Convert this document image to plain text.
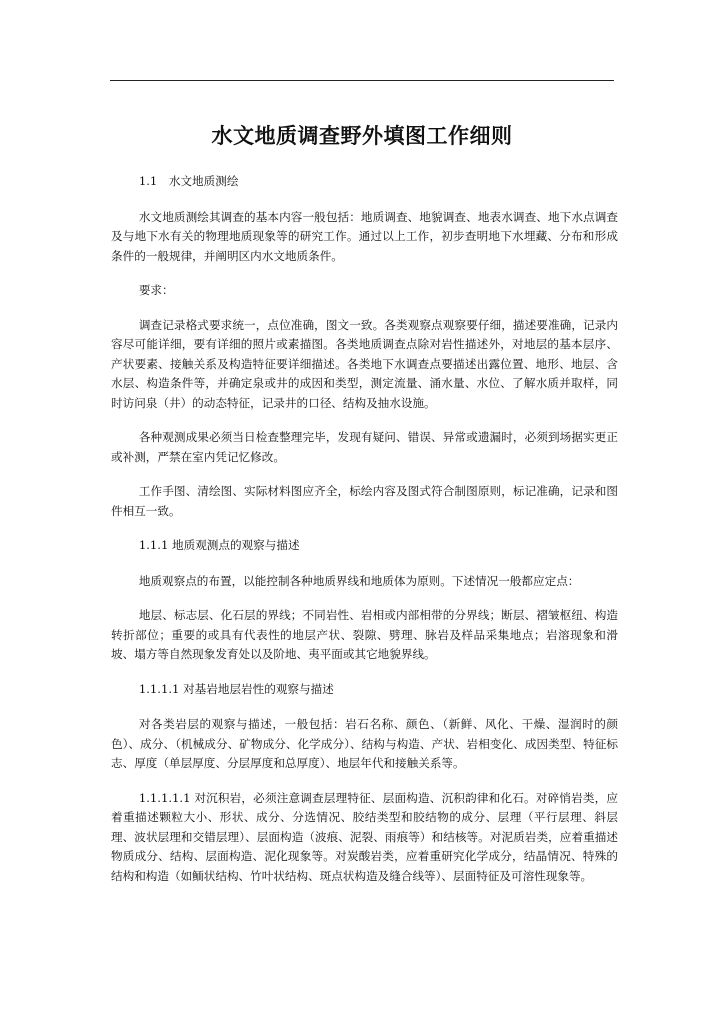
水文地质调查野外填图工作细则

1.1　水文地质测绘

水文地质测绘其调查的基本内容一般包括：地质调查、地貌调查、地表水调查、地下水点调查及与地下水有关的物理地质现象等的研究工作。通过以上工作，初步查明地下水埋藏、分布和形成条件的一般规律，并阐明区内水文地质条件。

要求：

调查记录格式要求统一，点位准确，图文一致。各类观察点观察要仔细，描述要准确，记录内容尽可能详细，要有详细的照片或素描图。各类地质调查点除对岩性描述外，对地层的基本层序、产状要素、接触关系及构造特征要详细描述。各类地下水调查点要描述出露位置、地形、地层、含水层、构造条件等，并确定泉或井的成因和类型，测定流量、涌水量、水位、了解水质并取样，同时访问泉（井）的动态特征，记录井的口径、结构及抽水设施。

各种观测成果必须当日检查整理完毕，发现有疑问、错误、异常或遗漏时，必须到场据实更正或补测，严禁在室内凭记忆修改。

工作手图、清绘图、实际材料图应齐全，标绘内容及图式符合制图原则，标记准确，记录和图件相互一致。

1.1.1 地质观测点的观察与描述

地质观察点的布置，以能控制各种地质界线和地质体为原则。下述情况一般都应定点：

地层、标志层、化石层的界线；不同岩性、岩相或内部相带的分界线；断层、褶皱枢纽、构造转折部位；重要的或具有代表性的地层产状、裂隙、劈理、脉岩及样品采集地点；岩溶现象和滑坡、塌方等自然现象发育处以及阶地、夷平面或其它地貌界线。

1.1.1.1 对基岩地层岩性的观察与描述

对各类岩层的观察与描述，一般包括：岩石名称、颜色、（新鲜、风化、干燥、湿润时的颜色）、成分、（机械成分、矿物成分、化学成分）、结构与构造、产状、岩相变化、成因类型、特征标志、厚度（单层厚度、分层厚度和总厚度）、地层年代和接触关系等。

1.1.1.1.1 对沉积岩，必须注意调查层理特征、层面构造、沉积韵律和化石。对碎悄岩类，应着重描述颗粒大小、形状、成分、分选情况、胶结类型和胶结物的成分、层理（平行层理、斜层理、波状层理和交错层理）、层面构造（波痕、泥裂、雨痕等）和结核等。对泥质岩类，应着重描述物质成分、结构、层面构造、泥化现象等。对炭酸岩类，应着重研究化学成分，结晶情况、特殊的结构和构造（如鲕状结构、竹叶状结构、斑点状构造及缝合线等）、层面特征及可溶性现象等。
